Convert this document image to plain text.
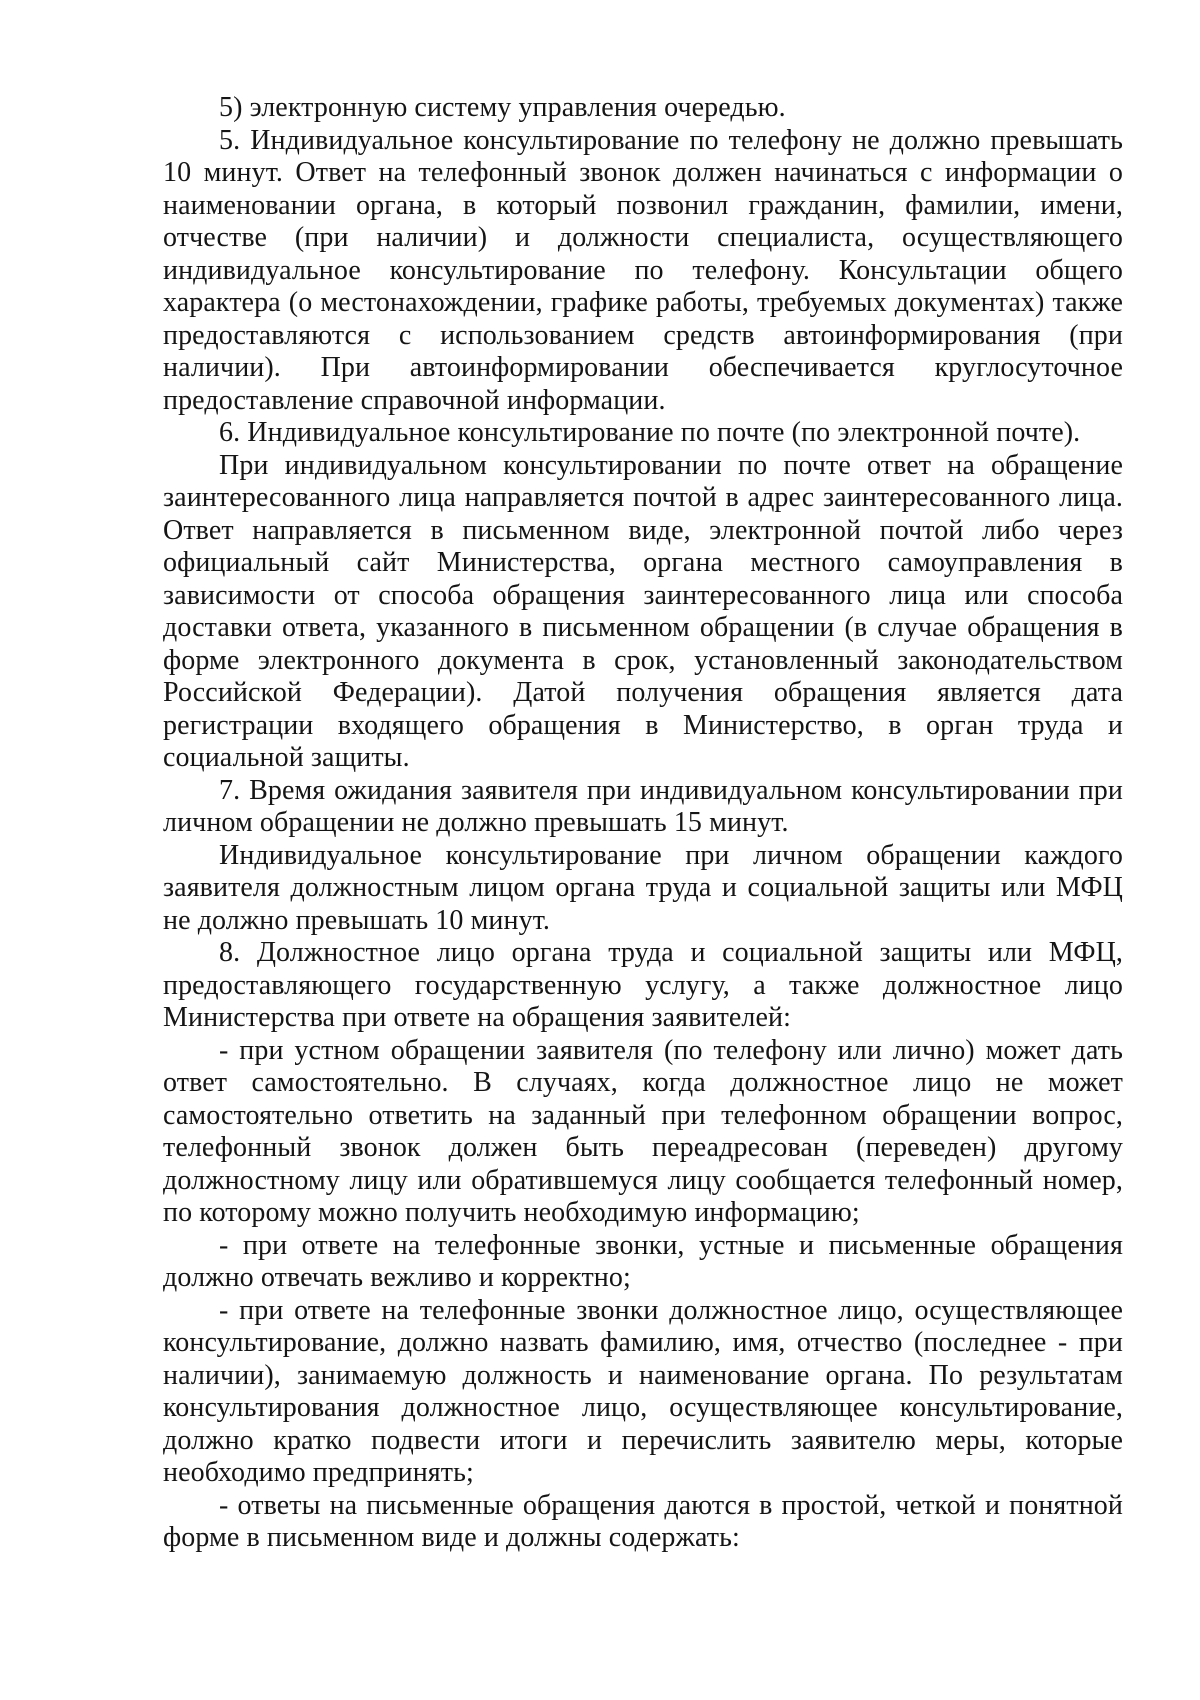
5) электронную систему управления очередью.

5. Индивидуальное консультирование по телефону не должно превышать 10 минут. Ответ на телефонный звонок должен начинаться с информации о наименовании органа, в который позвонил гражданин, фамилии, имени, отчестве (при наличии) и должности специалиста, осуществляющего индивидуальное консультирование по телефону. Консультации общего характера (о местонахождении, графике работы, требуемых документах) также предоставляются с использованием средств автоинформирования (при наличии). При автоинформировании обеспечивается круглосуточное предоставление справочной информации.

6. Индивидуальное консультирование по почте (по электронной почте).

При индивидуальном консультировании по почте ответ на обращение заинтересованного лица направляется почтой в адрес заинтересованного лица. Ответ направляется в письменном виде, электронной почтой либо через официальный сайт Министерства, органа местного самоуправления в зависимости от способа обращения заинтересованного лица или способа доставки ответа, указанного в письменном обращении (в случае обращения в форме электронного документа в срок, установленный законодательством Российской Федерации). Датой получения обращения является дата регистрации входящего обращения в Министерство, в орган труда и социальной защиты.

7. Время ожидания заявителя при индивидуальном консультировании при личном обращении не должно превышать 15 минут.

Индивидуальное консультирование при личном обращении каждого заявителя должностным лицом органа труда и социальной защиты или МФЦ не должно превышать 10 минут.

8. Должностное лицо органа труда и социальной защиты или МФЦ, предоставляющего государственную услугу, а также должностное лицо Министерства при ответе на обращения заявителей:

- при устном обращении заявителя (по телефону или лично) может дать ответ самостоятельно. В случаях, когда должностное лицо не может самостоятельно ответить на заданный при телефонном обращении вопрос, телефонный звонок должен быть переадресован (переведен) другому должностному лицу или обратившемуся лицу сообщается телефонный номер, по которому можно получить необходимую информацию;

- при ответе на телефонные звонки, устные и письменные обращения должно отвечать вежливо и корректно;

- при ответе на телефонные звонки должностное лицо, осуществляющее консультирование, должно назвать фамилию, имя, отчество (последнее - при наличии), занимаемую должность и наименование органа. По результатам консультирования должностное лицо, осуществляющее консультирование, должно кратко подвести итоги и перечислить заявителю меры, которые необходимо предпринять;

- ответы на письменные обращения даются в простой, четкой и понятной форме в письменном виде и должны содержать:
